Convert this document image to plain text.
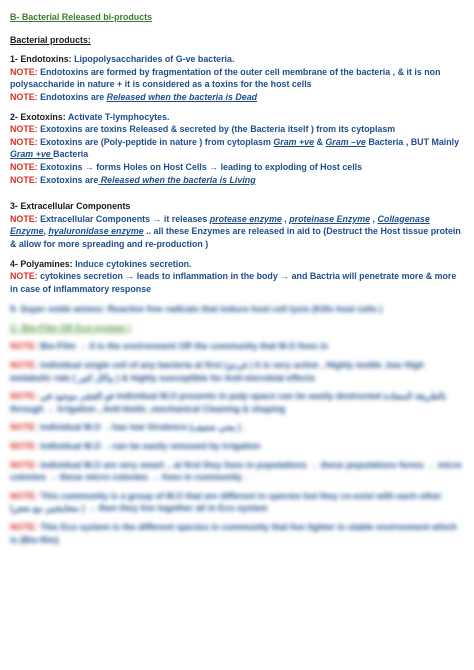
B- Bacterial Released bi-products
Bacterial products:
1- Endotoxins: Lipopolysaccharides of G-ve bacteria.
NOTE: Endotoxins are formed by fragmentation of the outer cell membrane of the bacteria , & it is non polysaccharide in nature + it is considered as a toxins for the host cells
NOTE: Endotoxins are Released when the bacteria is Dead
2- Exotoxins: Activate T-lymphocytes.
NOTE: Exotoxins are toxins Released & secreted by (the Bacteria itself ) from its cytoplasm
NOTE: Exotoxins are (Poly-peptide in nature ) from cytoplasm Gram +ve & Gram –ve Bacteria , BUT Mainly Gram +ve Bacteria
NOTE: Exotoxins → forms Holes on Host Cells → leading to exploding of Host cells
NOTE: Exotoxins are Released when the bacteria is Living
3- Extracellular Components
NOTE: Extracellular Components → it releases protease enzyme , proteinase Enzyme , Collagenase Enzyme, hyaluronidase enzyme .. all these Enzymes are released in aid to (Destruct the Host tissue protein & allow for more spreading and re-production )
4- Polyamines: Induce cytokines secretion.
NOTE: cytokines secretion → leads to inflammation in the body → and Bactria will penetrate more & more in case of inflammatory response
5- Super oxide anions: Reactive free radicals that induce host cell lysis (Kills host cells )
C- Bio-Film OR Eco-system )
NOTE: Bio-Film → it is the environment OR the community that M.O lives in
NOTE: individual single cell of any bacteria at first (فردي ) it is very active , Highly motile ,has High metabolic rate ( بياكل كتير ) & highly susceptible for Anti-microbial effects
NOTE: فو القشر موجود في individual M.O presents in pulp space can be easily destructed بالطريقة المعتادة through → Irrigation , Anti-biotic ,mechanical Cleaning & shaping
NOTE: individual M.O →has low Virulence (يعني ضعيف ) .
NOTE: individual M.O →can be easily removed by irrigation
NOTE: individual M.O are very smart .. at first they lives in populations → these populations forms → micro colonies → these micro colonies → lives in community .
NOTE: This community is a group of M.O that are different in species but they co-exist with each other (متعايشين مع بعض ) → then they live together all in Eco system
NOTE: This Eco system is the different species in community that live tighter in stable environment which is (Bio-film)
